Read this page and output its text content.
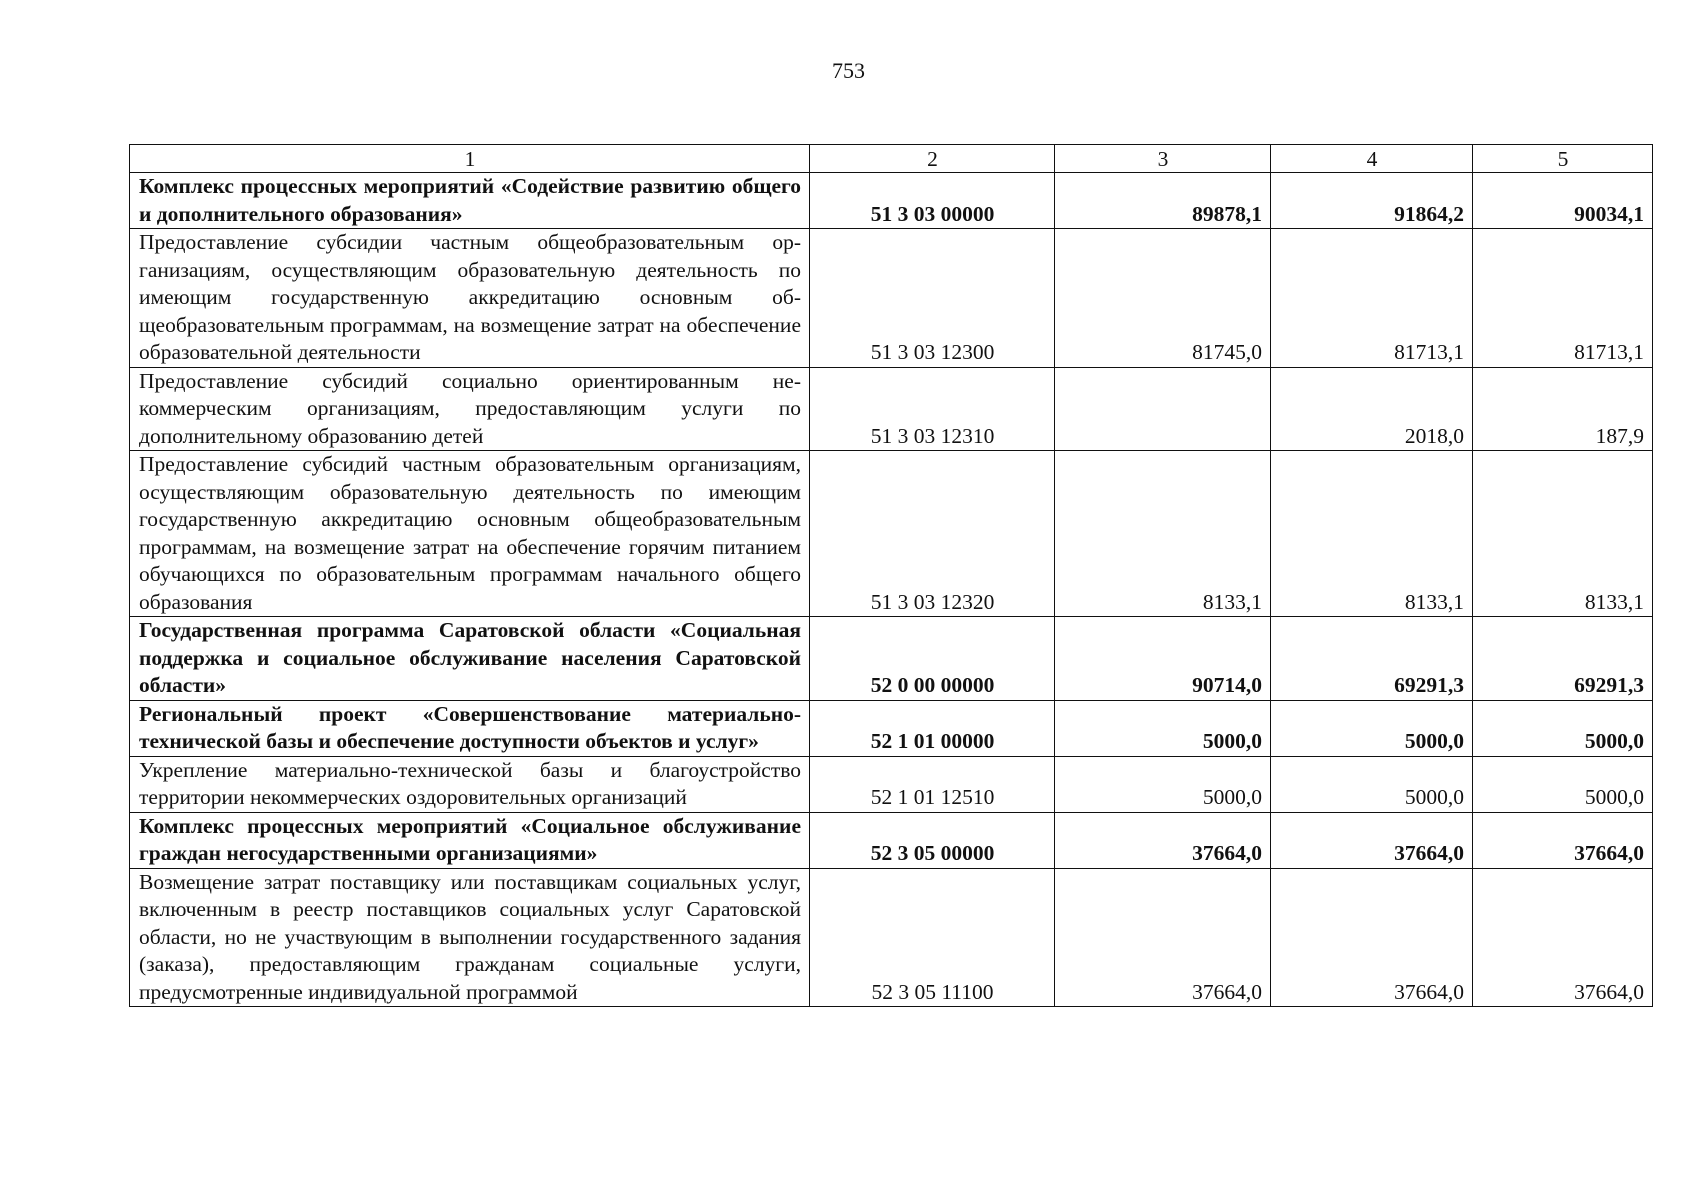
753
1	2	3	4	5
Комплекс процессных мероприятий «Содействие развитию общего и дополнительного образования»	51 3 03 00000	89878,1	91864,2	90034,1
Предоставление субсидии частным общеобразовательным организациям, осуществляющим образовательную деятельность по имеющим государственную аккредитацию основным общеобразовательным программам, на возмещение затрат на обеспечение образовательной деятельности	51 3 03 12300	81745,0	81713,1	81713,1
Предоставление субсидий социально ориентированным некоммерческим организациям, предоставляющим услуги по дополнительному образованию детей	51 3 03 12310		2018,0	187,9
Предоставление субсидий частным образовательным организациям, осуществляющим образовательную деятельность по имеющим государственную аккредитацию основным общеобразовательным программам, на возмещение затрат на обеспечение горячим питанием обучающихся по образовательным программам начального общего образования	51 3 03 12320	8133,1	8133,1	8133,1
Государственная программа Саратовской области «Социальная поддержка и социальное обслуживание населения Саратовской области»	52 0 00 00000	90714,0	69291,3	69291,3
Региональный проект «Совершенствование материально-технической базы и обеспечение доступности объектов и услуг»	52 1 01 00000	5000,0	5000,0	5000,0
Укрепление материально-технической базы и благоустройство территории некоммерческих оздоровительных организаций	52 1 01 12510	5000,0	5000,0	5000,0
Комплекс процессных мероприятий «Социальное обслуживание граждан негосударственными организациями»	52 3 05 00000	37664,0	37664,0	37664,0
Возмещение затрат поставщику или поставщикам социальных услуг, включенным в реестр поставщиков социальных услуг Саратовской области, но не участвующим в выполнении государственного задания (заказа), предоставляющим гражданам социальные услуги, предусмотренные индивидуальной программой	52 3 05 11100	37664,0	37664,0	37664,0
